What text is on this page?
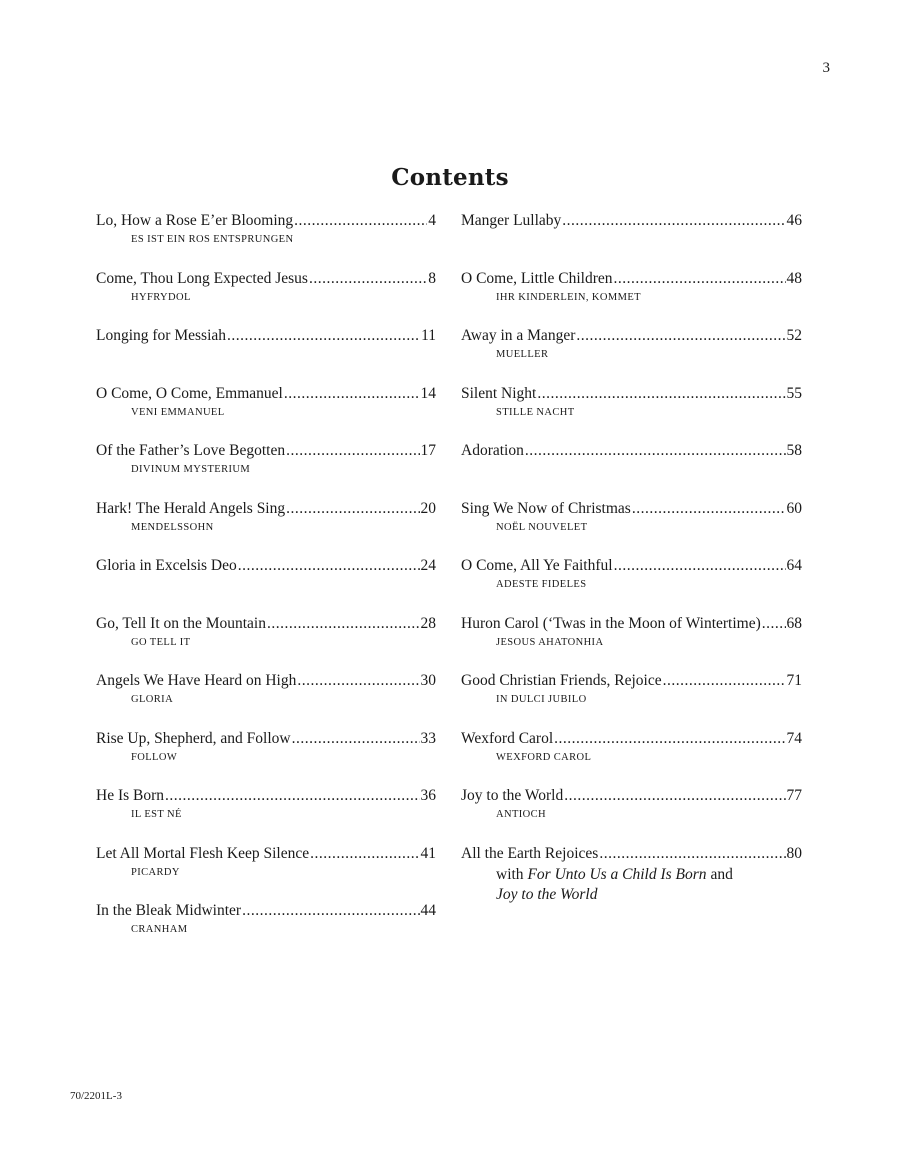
3
Contents
Lo, How a Rose E’er Blooming .....	4
ES IST EIN ROS ENTSPRUNGEN
Come, Thou Long Expected Jesus .....	8
HYFRYDOL
Longing for Messiah .....	11
O Come, O Come, Emmanuel .....	14
VENI EMMANUEL
Of the Father’s Love Begotten .....	17
DIVINUM MYSTERIUM
Hark! The Herald Angels Sing .....	20
MENDELSSOHN
Gloria in Excelsis Deo .....	24
Go, Tell It on the Mountain .....	28
GO TELL IT
Angels We Have Heard on High .....	30
GLORIA
Rise Up, Shepherd, and Follow .....	33
FOLLOW
He Is Born .....	36
IL EST NÉ
Let All Mortal Flesh Keep Silence .....	41
PICARDY
In the Bleak Midwinter .....	44
CRANHAM
Manger Lullaby .....	46
O Come, Little Children .....	48
IHR KINDERLEIN, KOMMET
Away in a Manger .....	52
MUELLER
Silent Night .....	55
STILLE NACHT
Adoration .....	58
Sing We Now of Christmas .....	60
NOËL NOUVELET
O Come, All Ye Faithful .....	64
ADESTE FIDELES
Huron Carol (‘Twas in the Moon of Wintertime) ..... 68
JESOUS AHATONHIA
Good Christian Friends, Rejoice .....	71
IN DULCI JUBILO
Wexford Carol .....	74
WEXFORD CAROL
Joy to the World .....	77
ANTIOCH
All the Earth Rejoices .....	80
with For Unto Us a Child Is Born and
Joy to the World
70/2201L-3
